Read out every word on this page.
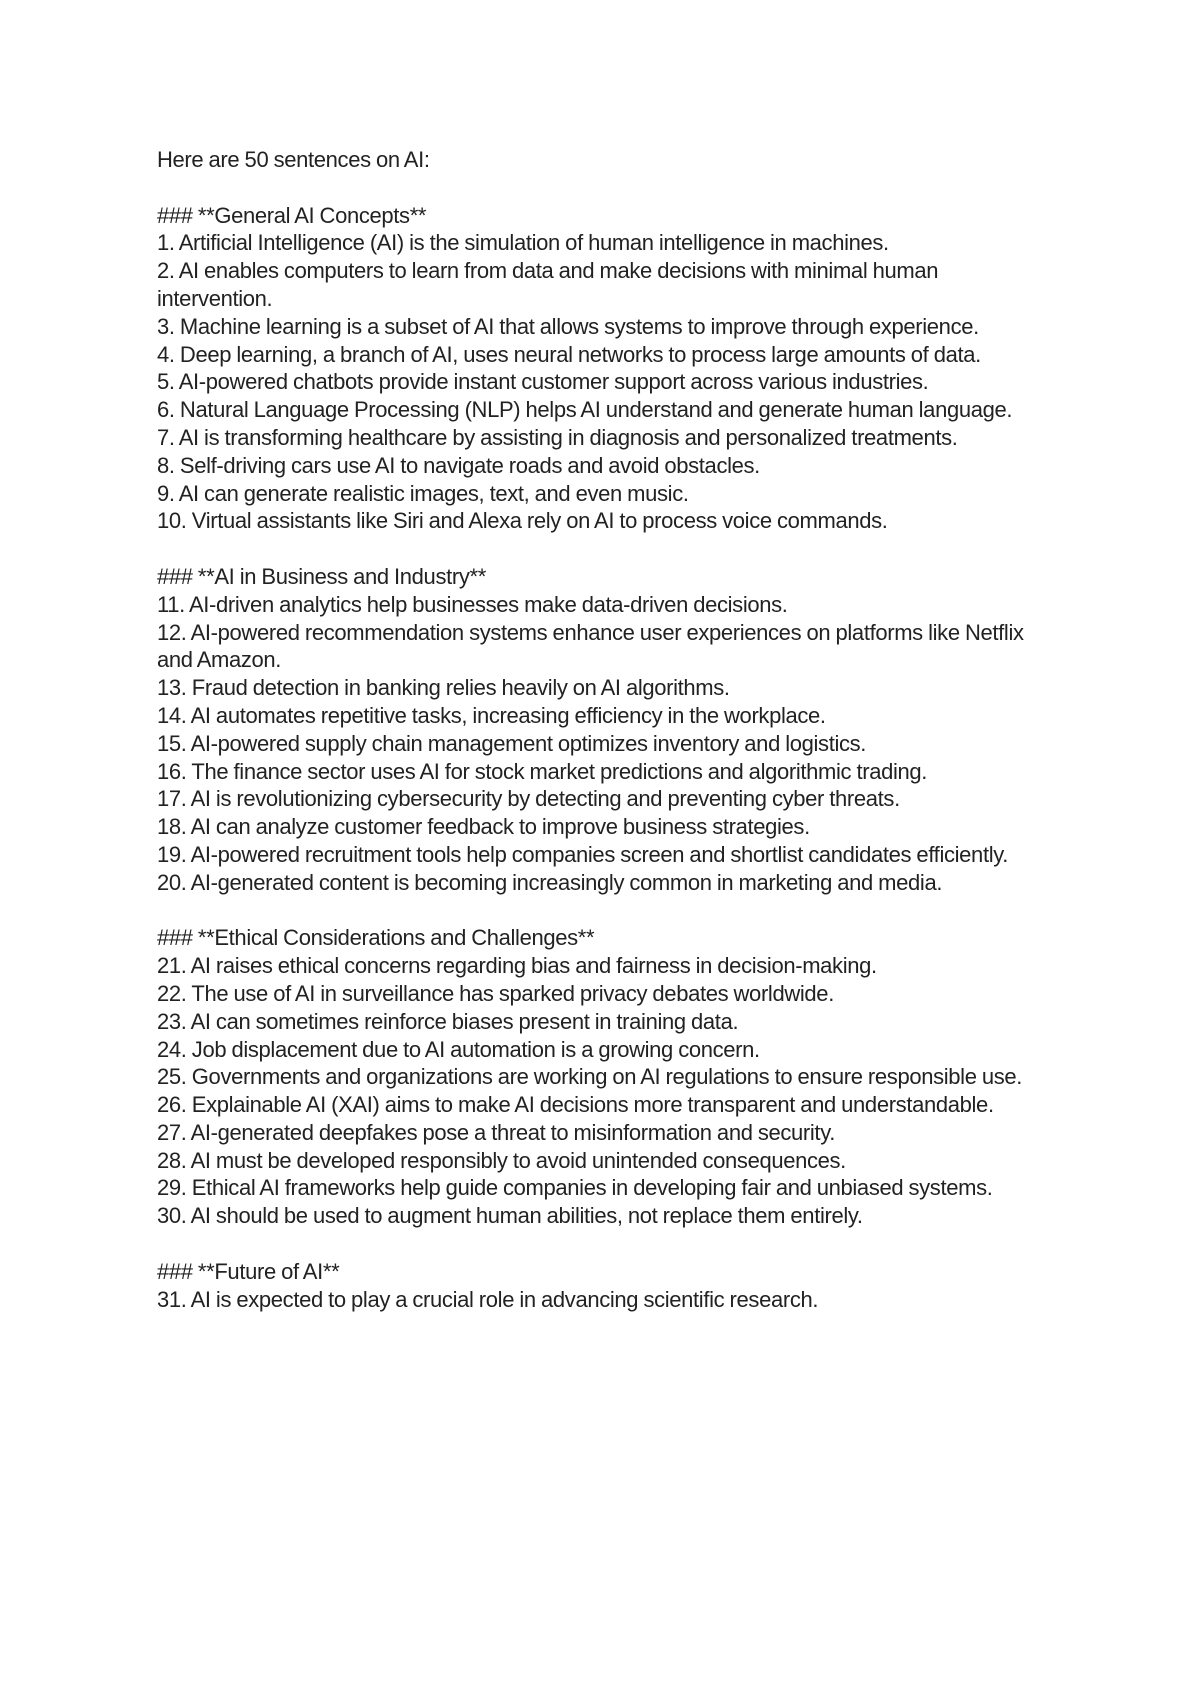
Here are 50 sentences on AI:

### **General AI Concepts**

1. Artificial Intelligence (AI) is the simulation of human intelligence in machines.

2. AI enables computers to learn from data and make decisions with minimal human intervention.

3. Machine learning is a subset of AI that allows systems to improve through experience.

4. Deep learning, a branch of AI, uses neural networks to process large amounts of data.

5. AI-powered chatbots provide instant customer support across various industries.

6. Natural Language Processing (NLP) helps AI understand and generate human language.

7. AI is transforming healthcare by assisting in diagnosis and personalized treatments.

8. Self-driving cars use AI to navigate roads and avoid obstacles.

9. AI can generate realistic images, text, and even music.

10. Virtual assistants like Siri and Alexa rely on AI to process voice commands.

### **AI in Business and Industry**

11. AI-driven analytics help businesses make data-driven decisions.

12. AI-powered recommendation systems enhance user experiences on platforms like Netflix and Amazon.

13. Fraud detection in banking relies heavily on AI algorithms.

14. AI automates repetitive tasks, increasing efficiency in the workplace.

15. AI-powered supply chain management optimizes inventory and logistics.

16. The finance sector uses AI for stock market predictions and algorithmic trading.

17. AI is revolutionizing cybersecurity by detecting and preventing cyber threats.

18. AI can analyze customer feedback to improve business strategies.

19. AI-powered recruitment tools help companies screen and shortlist candidates efficiently.

20. AI-generated content is becoming increasingly common in marketing and media.

### **Ethical Considerations and Challenges**

21. AI raises ethical concerns regarding bias and fairness in decision-making.

22. The use of AI in surveillance has sparked privacy debates worldwide.

23. AI can sometimes reinforce biases present in training data.

24. Job displacement due to AI automation is a growing concern.

25. Governments and organizations are working on AI regulations to ensure responsible use.

26. Explainable AI (XAI) aims to make AI decisions more transparent and understandable.

27. AI-generated deepfakes pose a threat to misinformation and security.

28. AI must be developed responsibly to avoid unintended consequences.

29. Ethical AI frameworks help guide companies in developing fair and unbiased systems.

30. AI should be used to augment human abilities, not replace them entirely.

### **Future of AI**

31. AI is expected to play a crucial role in advancing scientific research.
